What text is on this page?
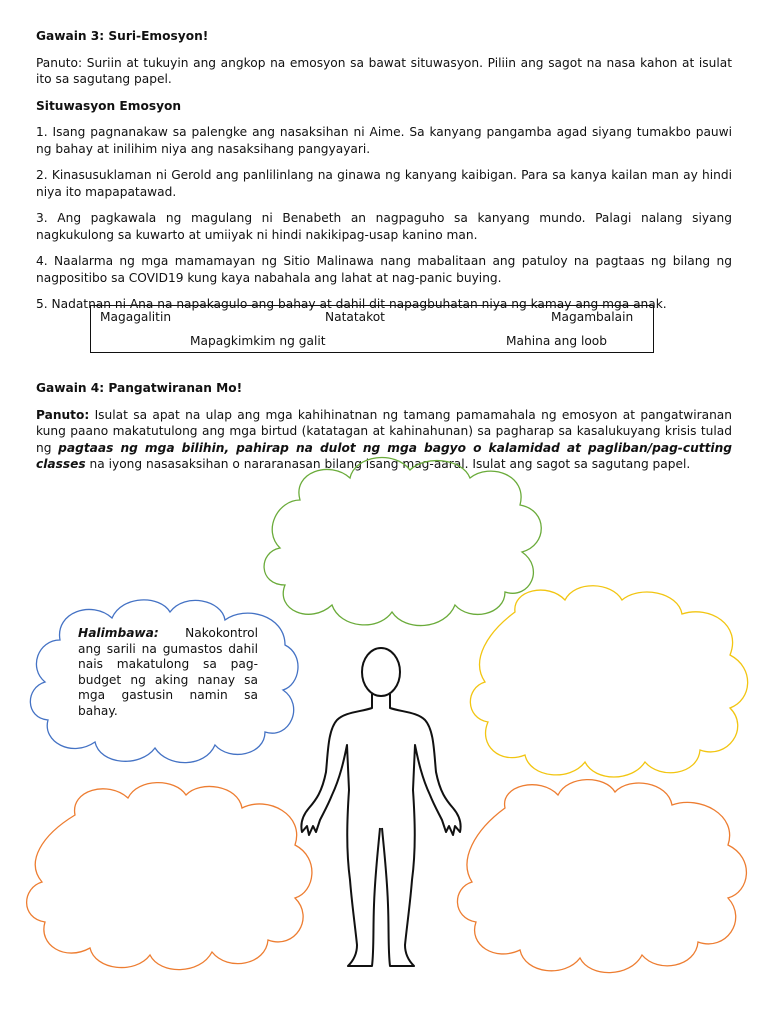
Gawain 3: Suri-Emosyon!

Panuto: Suriin at tukuyin ang angkop na emosyon sa bawat situwasyon. Piliin ang sagot na nasa kahon at isulat ito sa sagutang papel.

Situwasyon Emosyon

1. Isang pagnanakaw sa palengke ang nasaksihan ni Aime. Sa kanyang pangamba agad siyang tumakbo pauwi ng bahay at inilihim niya ang nasaksihang pangyayari.

2. Kinasusuklaman ni Gerold ang panlilinlang na ginawa ng kanyang kaibigan. Para sa kanya kailan man ay hindi niya ito mapapatawad.

3. Ang pagkawala ng magulang ni Benabeth an nagpaguho sa kanyang mundo. Palagi nalang siyang nagkukulong sa kuwarto at umiiyak ni hindi nakikipag-usap kanino man.

4. Naalarma ng mga mamamayan ng Sitio Malinawa nang mabalitaan ang patuloy na pagtaas ng bilang ng nagpositibo sa COVID19 kung kaya nabahala ang lahat at nag-panic buying.

5. Nadatnan ni Ana na napakagulo ang bahay at dahil dit napagbuhatan niya ng kamay ang mga anak.

Magagalitin	Natatakot	Magambalain
Mapagkimkim ng galit	Mahina ang loob

Gawain 4: Pangatwiranan Mo!

Panuto: Isulat sa apat na ulap ang mga kahihinatnan ng tamang pamamahala ng emosyon at pangatwiranan kung paano makatutulong ang mga birtud (katatagan at kahinahunan) sa pagharap sa kasalukuyang krisis tulad ng pagtaas ng mga bilihin, pahirap na dulot ng mga bagyo o kalamidad at pagliban/pag-cutting classes na iyong nasasaksihan o nararanasan bilang isang mag-aaral. Isulat ang sagot sa sagutang papel.

Halimbawa: Nakokontrol ang sarili na gumastos dahil nais makatulong sa pag-budget ng aking nanay sa mga gastusin namin sa bahay.
